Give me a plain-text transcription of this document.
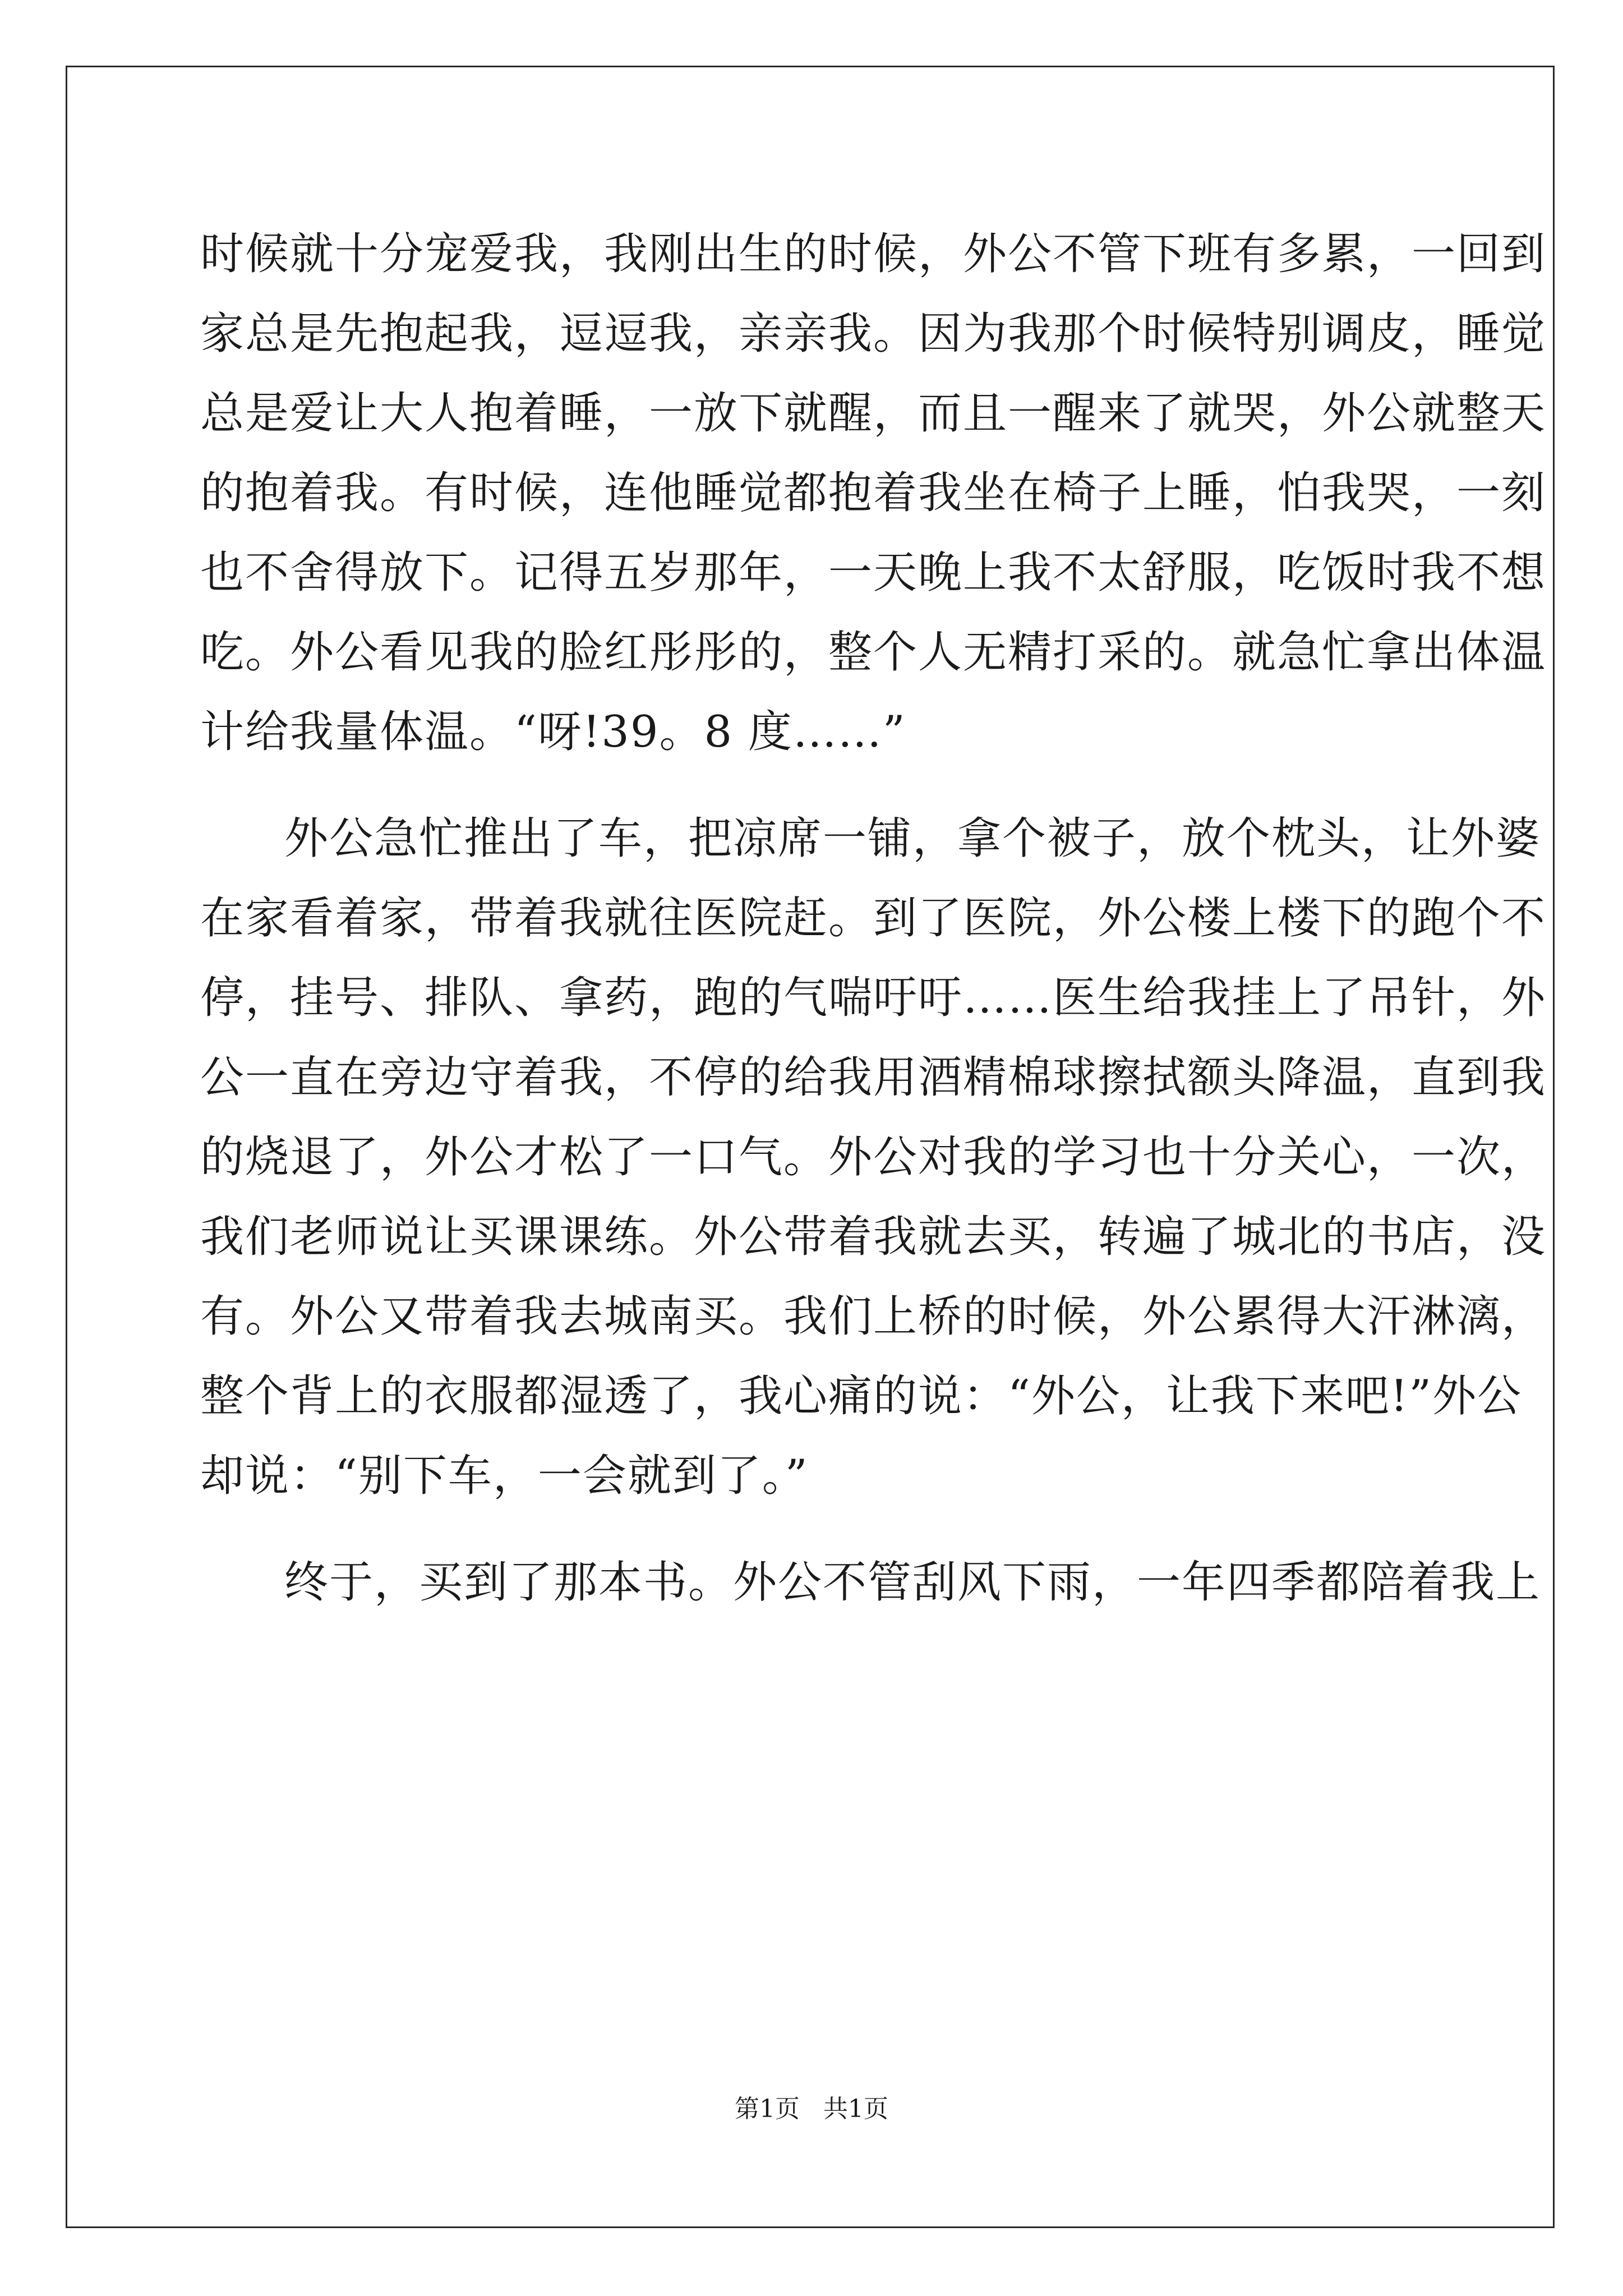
时候就十分宠爱我，我刚出生的时候，外公不管下班有多累，一回到
家总是先抱起我，逗逗我，亲亲我。因为我那个时候特别调皮，睡觉
总是爱让大人抱着睡，一放下就醒，而且一醒来了就哭，外公就整天
的抱着我。有时候，连他睡觉都抱着我坐在椅子上睡，怕我哭，一刻
也不舍得放下。记得五岁那年，一天晚上我不太舒服，吃饭时我不想
吃。外公看见我的脸红彤彤的，整个人无精打采的。就急忙拿出体温
计给我量体温。“呀!39。8 度……”
外公急忙推出了车，把凉席一铺，拿个被子，放个枕头，让外婆
在家看着家，带着我就往医院赶。到了医院，外公楼上楼下的跑个不
停，挂号、排队、拿药，跑的气喘吁吁……医生给我挂上了吊针，外
公一直在旁边守着我，不停的给我用酒精棉球擦拭额头降温，直到我
的烧退了，外公才松了一口气。外公对我的学习也十分关心，一次，
我们老师说让买课课练。外公带着我就去买，转遍了城北的书店，没
有。外公又带着我去城南买。我们上桥的时候，外公累得大汗淋漓，
整个背上的衣服都湿透了，我心痛的说：“外公，让我下来吧!”外公
却说：“别下车，一会就到了。”
终于，买到了那本书。外公不管刮风下雨，一年四季都陪着我上
第1页   共1页
